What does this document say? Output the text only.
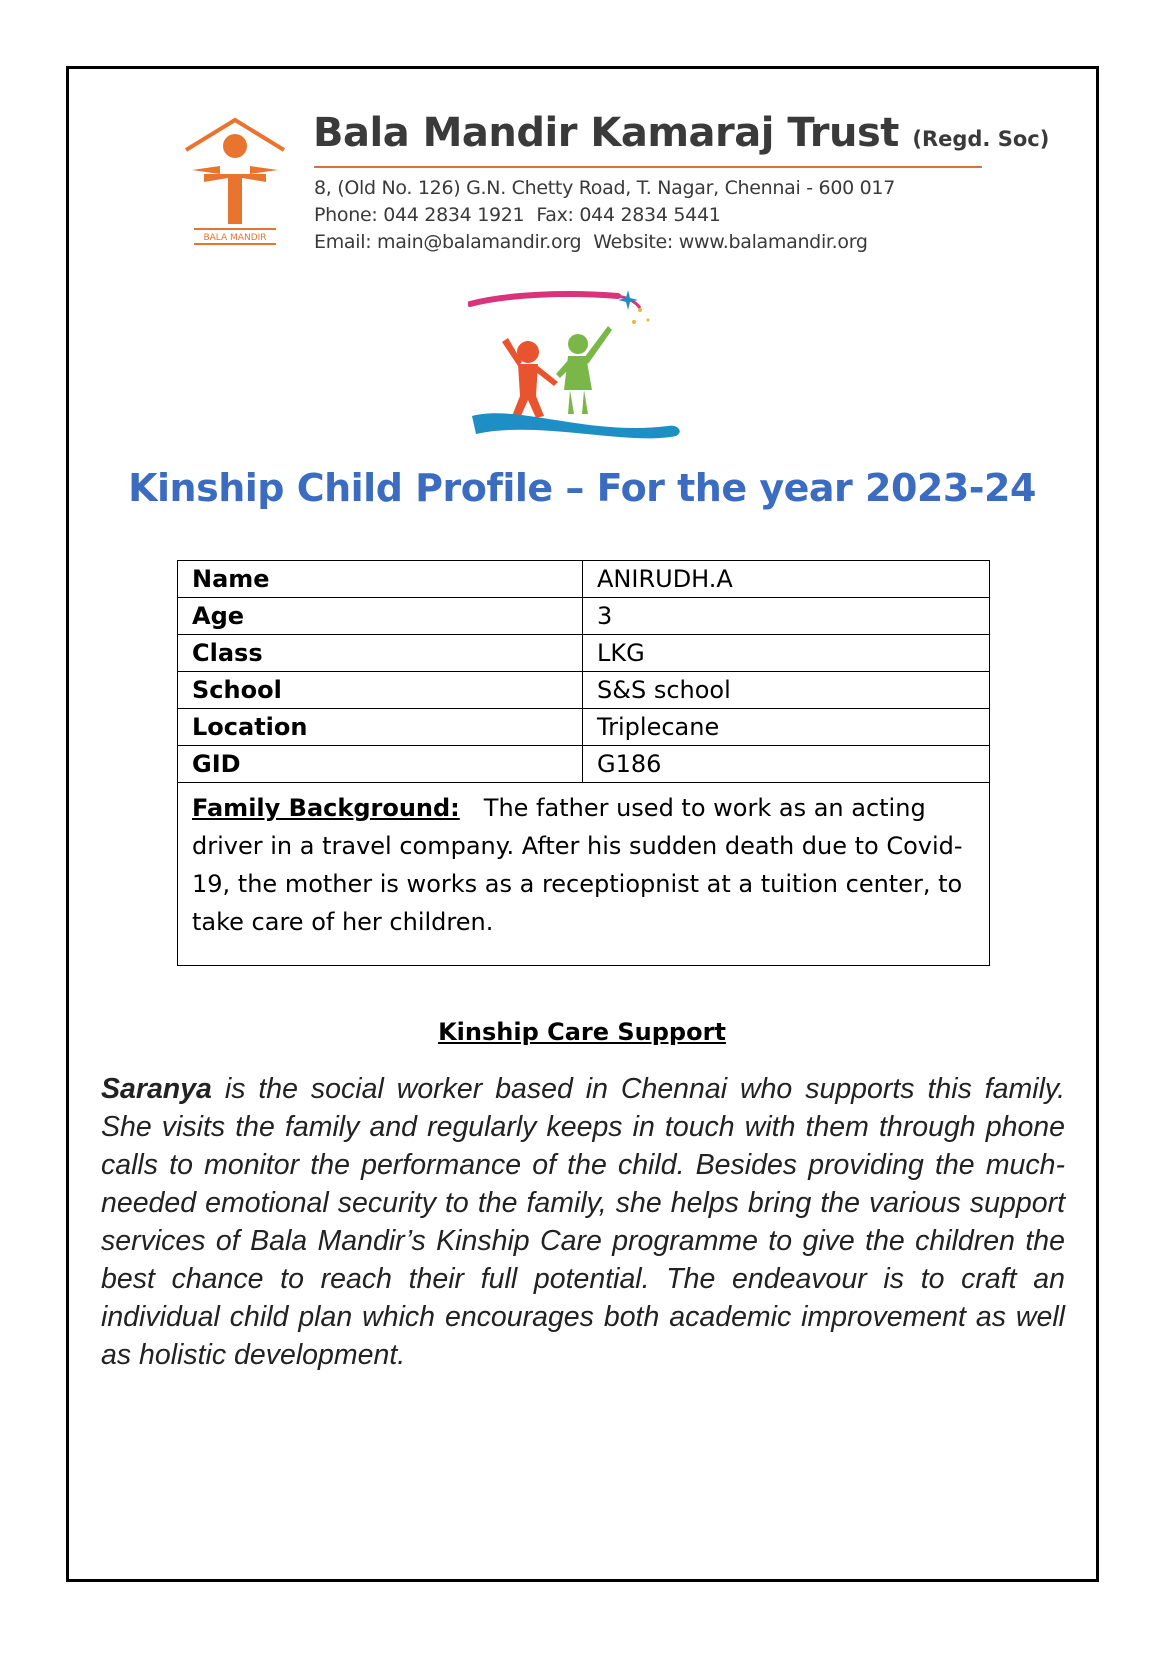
BALA MANDIR
Bala Mandir Kamaraj Trust (Regd. Soc)
8, (Old No. 126) G.N. Chetty Road, T. Nagar, Chennai - 600 017
Phone: 044 2834 1921 Fax: 044 2834 5441
Email: main@balamandir.org Website: www.balamandir.org
Kinship Child Profile – For the year 2023-24
Name	ANIRUDH.A
Age	3
Class	LKG
School	S&S school
Location	Triplecane
GID	G186
Family Background: The father used to work as an acting driver in a travel company. After his sudden death due to Covid-19, the mother is works as a receptiopnist at a tuition center, to take care of her children.	
Kinship Care Support
Saranya is the social worker based in Chennai who supports this family. She visits the family and regularly keeps in touch with them through phone calls to monitor the performance of the child. Besides providing the much-needed emotional security to the family, she helps bring the various support services of Bala Mandir’s Kinship Care programme to give the children the best chance to reach their full potential. The endeavour is to craft an individual child plan which encourages both academic improvement as well as holistic development.
